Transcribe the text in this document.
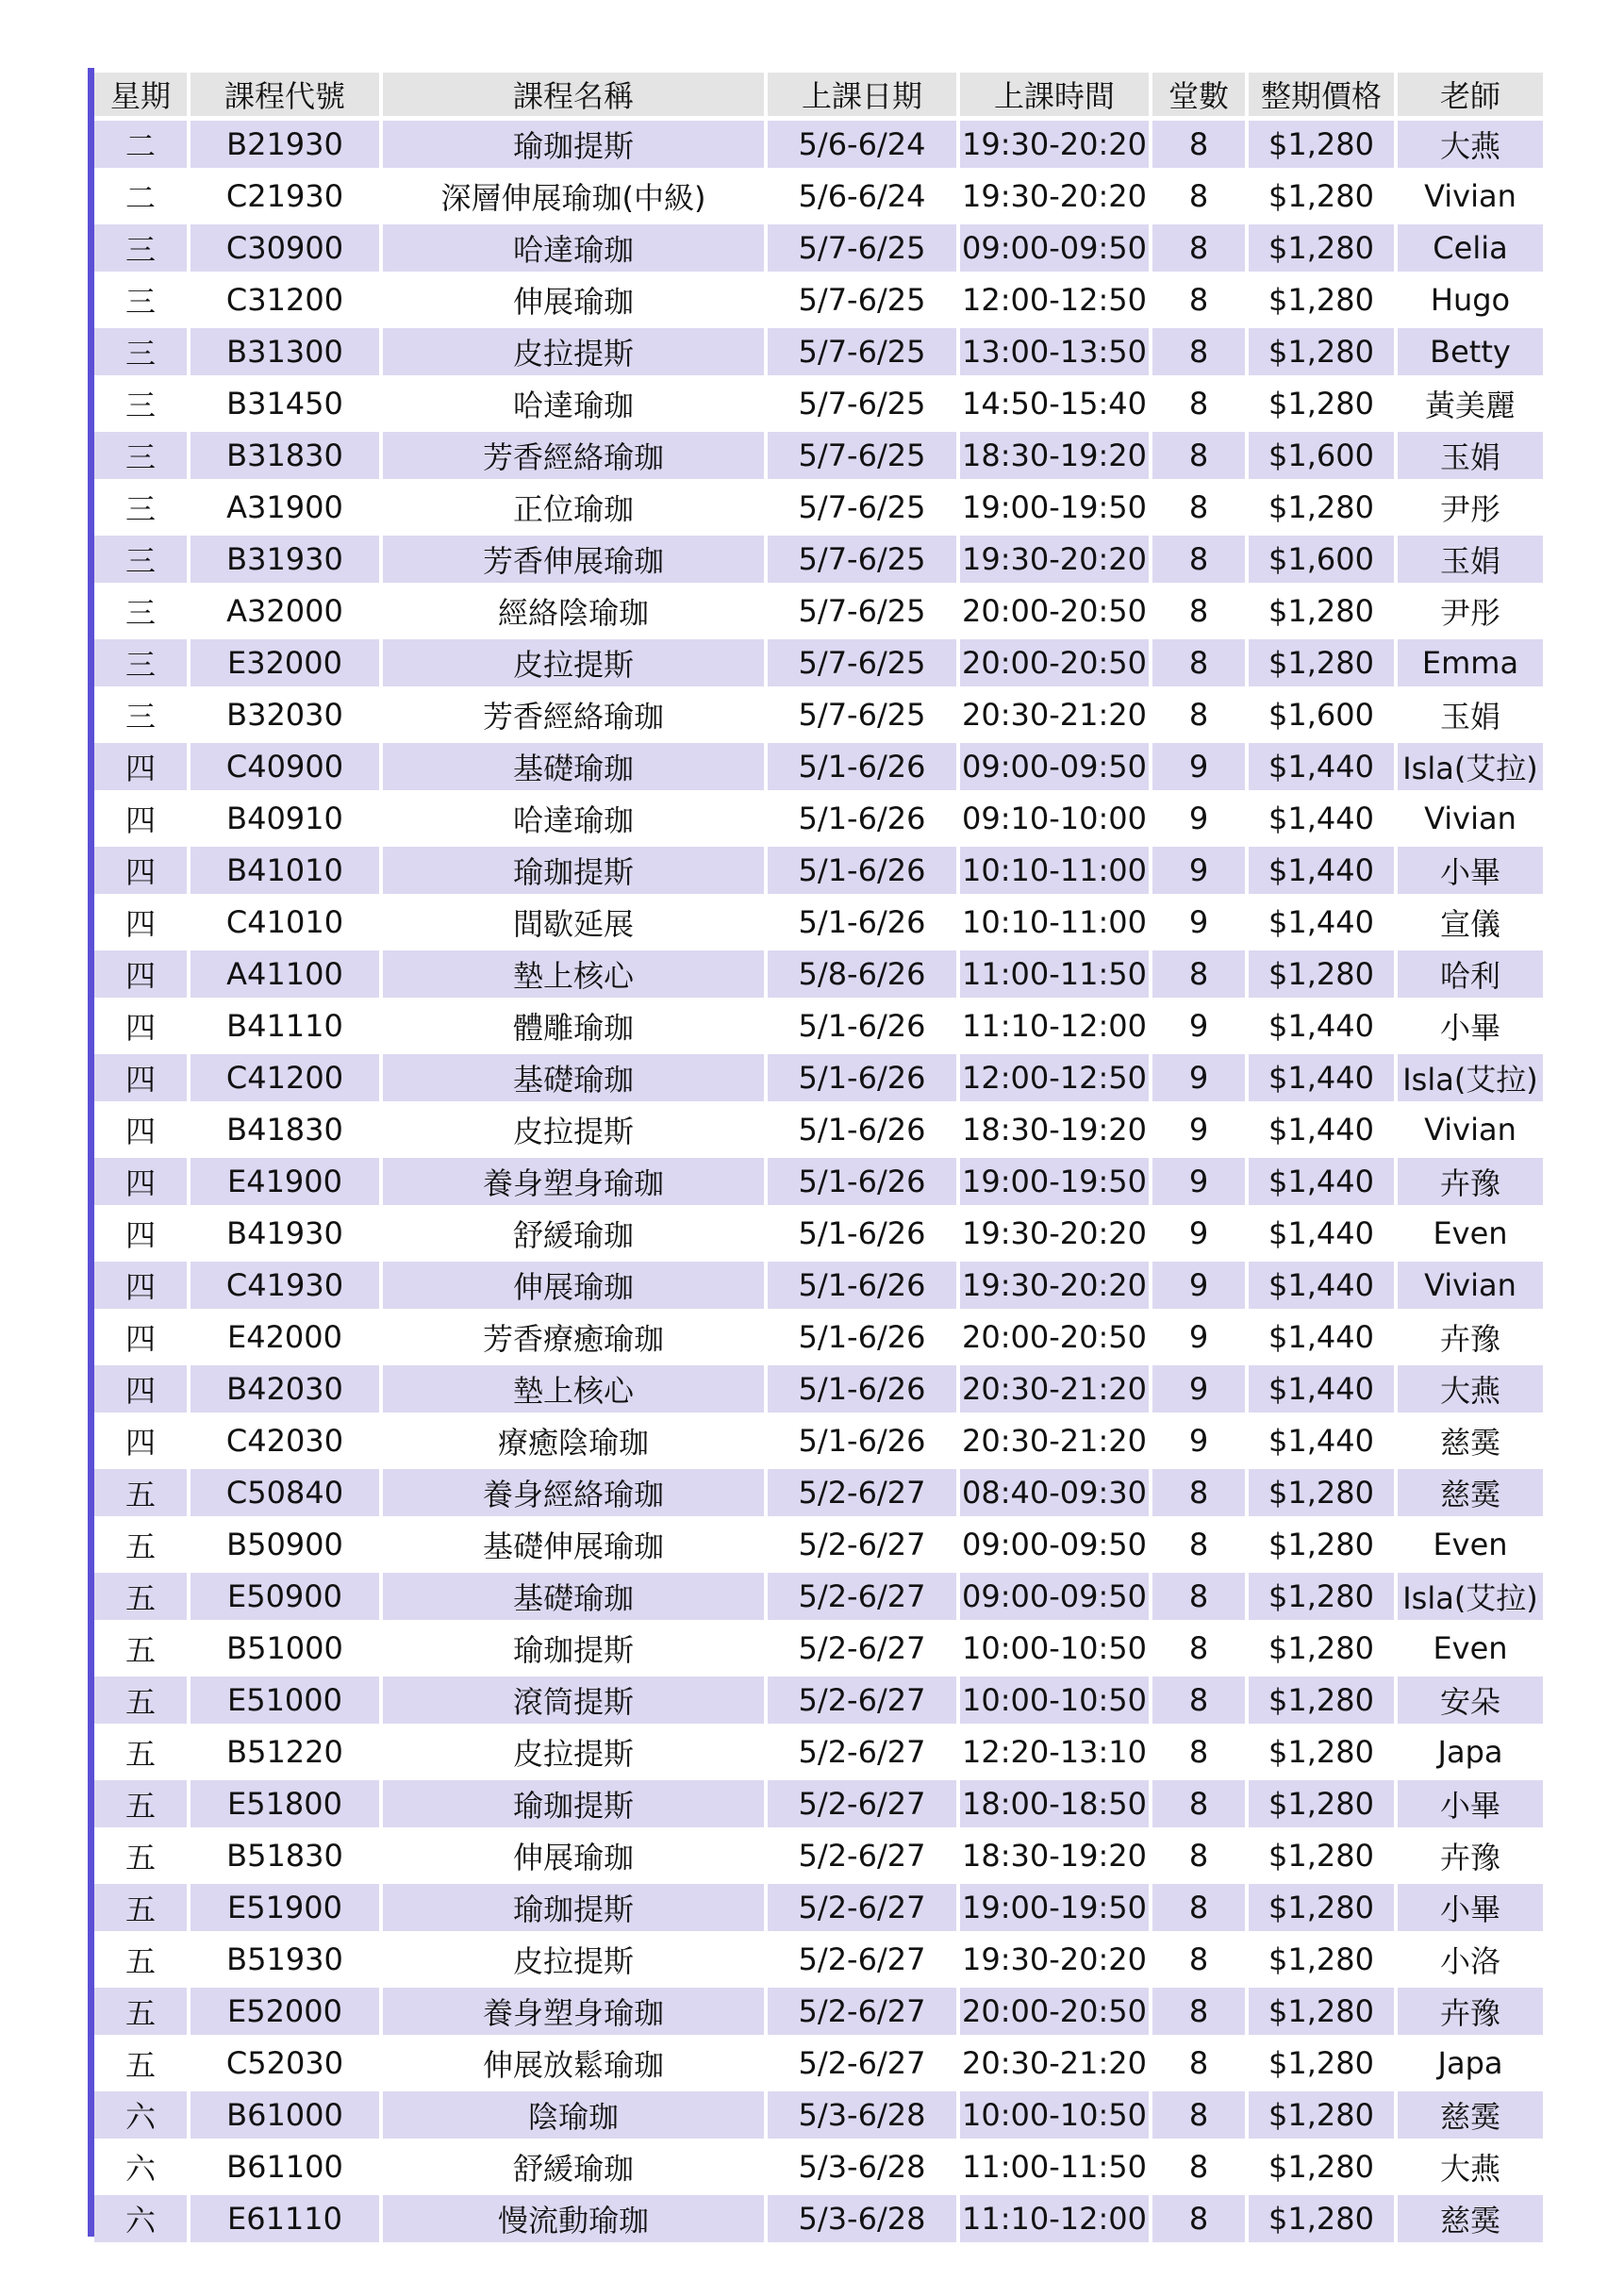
星期	課程代號	課程名稱	上課日期	上課時間	堂數	整期價格	老師
二	B21930	瑜珈提斯	5/6-6/24	19:30-20:20	8	$1,280	大燕
二	C21930	深層伸展瑜珈(中級)	5/6-6/24	19:30-20:20	8	$1,280	Vivian
三	C30900	哈達瑜珈	5/7-6/25	09:00-09:50	8	$1,280	Celia
三	C31200	伸展瑜珈	5/7-6/25	12:00-12:50	8	$1,280	Hugo
三	B31300	皮拉提斯	5/7-6/25	13:00-13:50	8	$1,280	Betty
三	B31450	哈達瑜珈	5/7-6/25	14:50-15:40	8	$1,280	黃美麗
三	B31830	芳香經絡瑜珈	5/7-6/25	18:30-19:20	8	$1,600	玉娟
三	A31900	正位瑜珈	5/7-6/25	19:00-19:50	8	$1,280	尹彤
三	B31930	芳香伸展瑜珈	5/7-6/25	19:30-20:20	8	$1,600	玉娟
三	A32000	經絡陰瑜珈	5/7-6/25	20:00-20:50	8	$1,280	尹彤
三	E32000	皮拉提斯	5/7-6/25	20:00-20:50	8	$1,280	Emma
三	B32030	芳香經絡瑜珈	5/7-6/25	20:30-21:20	8	$1,600	玉娟
四	C40900	基礎瑜珈	5/1-6/26	09:00-09:50	9	$1,440	Isla(艾拉)
四	B40910	哈達瑜珈	5/1-6/26	09:10-10:00	9	$1,440	Vivian
四	B41010	瑜珈提斯	5/1-6/26	10:10-11:00	9	$1,440	小畢
四	C41010	間歇延展	5/1-6/26	10:10-11:00	9	$1,440	宣儀
四	A41100	墊上核心	5/8-6/26	11:00-11:50	8	$1,280	哈利
四	B41110	體雕瑜珈	5/1-6/26	11:10-12:00	9	$1,440	小畢
四	C41200	基礎瑜珈	5/1-6/26	12:00-12:50	9	$1,440	Isla(艾拉)
四	B41830	皮拉提斯	5/1-6/26	18:30-19:20	9	$1,440	Vivian
四	E41900	養身塑身瑜珈	5/1-6/26	19:00-19:50	9	$1,440	卉豫
四	B41930	舒緩瑜珈	5/1-6/26	19:30-20:20	9	$1,440	Even
四	C41930	伸展瑜珈	5/1-6/26	19:30-20:20	9	$1,440	Vivian
四	E42000	芳香療癒瑜珈	5/1-6/26	20:00-20:50	9	$1,440	卉豫
四	B42030	墊上核心	5/1-6/26	20:30-21:20	9	$1,440	大燕
四	C42030	療癒陰瑜珈	5/1-6/26	20:30-21:20	9	$1,440	慈霙
五	C50840	養身經絡瑜珈	5/2-6/27	08:40-09:30	8	$1,280	慈霙
五	B50900	基礎伸展瑜珈	5/2-6/27	09:00-09:50	8	$1,280	Even
五	E50900	基礎瑜珈	5/2-6/27	09:00-09:50	8	$1,280	Isla(艾拉)
五	B51000	瑜珈提斯	5/2-6/27	10:00-10:50	8	$1,280	Even
五	E51000	滾筒提斯	5/2-6/27	10:00-10:50	8	$1,280	安朵
五	B51220	皮拉提斯	5/2-6/27	12:20-13:10	8	$1,280	Japa
五	E51800	瑜珈提斯	5/2-6/27	18:00-18:50	8	$1,280	小畢
五	B51830	伸展瑜珈	5/2-6/27	18:30-19:20	8	$1,280	卉豫
五	E51900	瑜珈提斯	5/2-6/27	19:00-19:50	8	$1,280	小畢
五	B51930	皮拉提斯	5/2-6/27	19:30-20:20	8	$1,280	小洛
五	E52000	養身塑身瑜珈	5/2-6/27	20:00-20:50	8	$1,280	卉豫
五	C52030	伸展放鬆瑜珈	5/2-6/27	20:30-21:20	8	$1,280	Japa
六	B61000	陰瑜珈	5/3-6/28	10:00-10:50	8	$1,280	慈霙
六	B61100	舒緩瑜珈	5/3-6/28	11:00-11:50	8	$1,280	大燕
六	E61110	慢流動瑜珈	5/3-6/28	11:10-12:00	8	$1,280	慈霙
